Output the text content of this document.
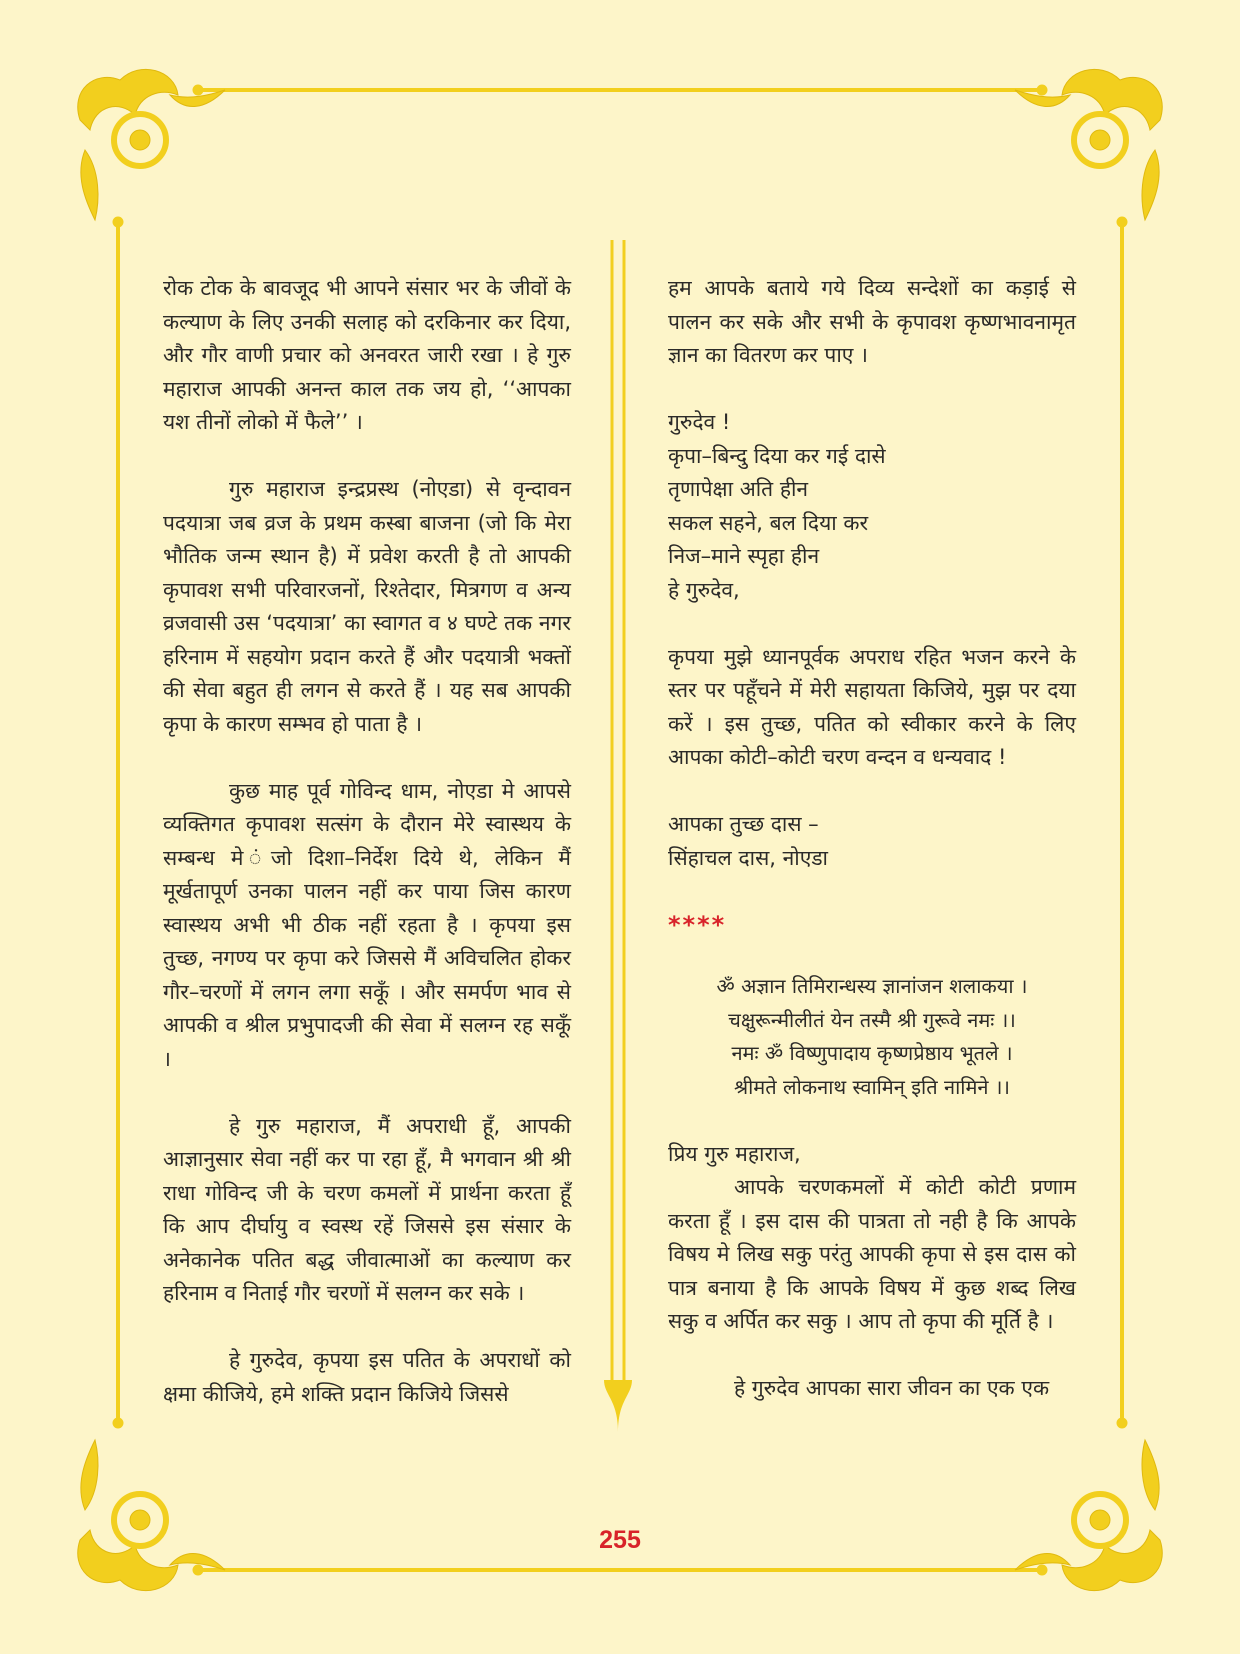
रोक टोक के बावजूद भी आपने संसार भर के जीवों के कल्याण के लिए उनकी सलाह को दरकिनार कर दिया, और गौर वाणी प्रचार को अनवरत जारी रखा । हे गुरु महाराज आपकी अनन्त काल तक जय हो, ‘‘आपका यश तीनों लोको में फैले’’ ।

गुरु महाराज इन्द्रप्रस्थ (नोएडा) से वृन्दावन पदयात्रा जब व्रज के प्रथम कस्बा बाजना (जो कि मेरा भौतिक जन्म स्थान है) में प्रवेश करती है तो आपकी कृपावश सभी परिवारजनों, रिश्तेदार, मित्रगण व अन्य व्रजवासी उस ‘पदयात्रा’ का स्वागत व ४ घण्टे तक नगर हरिनाम में सहयोग प्रदान करते हैं और पदयात्री भक्तों की सेवा बहुत ही लगन से करते हैं । यह सब आपकी कृपा के कारण सम्भव हो पाता है ।

कुछ माह पूर्व गोविन्द धाम, नोएडा मे आपसे व्यक्तिगत कृपावश सत्संग के दौरान मेरे स्वास्थय के सम्बन्ध मे ंजो दिशा–निर्देश दिये थे, लेकिन मैं मूर्खतापूर्ण उनका पालन नहीं कर पाया जिस कारण स्वास्थय अभी भी ठीक नहीं रहता है । कृपया इस तुच्छ, नगण्य पर कृपा करे जिससे मैं अविचलित होकर गौर–चरणों में लगन लगा सकूँ । और समर्पण भाव से आपकी व श्रील प्रभुपादजी की सेवा में सलग्न रह सकूँ ।

हे गुरु महाराज, मैं अपराधी हूँ, आपकी आज्ञानुसार सेवा नहीं कर पा रहा हूँ, मै भगवान श्री श्री राधा गोविन्द जी के चरण कमलों में प्रार्थना करता हूँ कि आप दीर्घायु व स्वस्थ रहें जिससे इस संसार के अनेकानेक पतित बद्ध जीवात्माओं का कल्याण कर हरिनाम व निताई गौर चरणों में सलग्न कर सके ।

हे गुरुदेव, कृपया इस पतित के अपराधों को क्षमा कीजिये, हमे शक्ति प्रदान किजिये जिससे

हम आपके बताये गये दिव्य सन्देशों का कड़ाई से पालन कर सके और सभी के कृपावश कृष्णभावनामृत ज्ञान का वितरण कर पाए ।

गुरुदेव !
कृपा–बिन्दु दिया कर गई दासे
तृणापेक्षा अति हीन
सकल सहने, बल दिया कर
निज–माने स्पृहा हीन
हे गुरुदेव,

कृपया मुझे ध्यानपूर्वक अपराध रहित भजन करने के स्तर पर पहूँचने में मेरी सहायता किजिये, मुझ पर दया करें । इस तुच्छ, पतित को स्वीकार करने के लिए आपका कोटी–कोटी चरण वन्दन व धन्यवाद !

आपका तुच्छ दास –
सिंहाचल दास, नोएडा
****
ॐ अज्ञान तिमिरान्धस्य ज्ञानांजन शलाकया ।
चक्षुरून्मीलीतं येन तस्मै श्री गुरूवे नमः ।।
नमः ॐ विष्णुपादाय कृष्णप्रेष्ठाय भूतले ।
श्रीमते लोकनाथ स्वामिन् इति नामिने ।।
प्रिय गुरु महाराज,

आपके चरणकमलों में कोटी कोटी प्रणाम करता हूँ । इस दास की पात्रता तो नही है कि आपके विषय मे लिख सकु परंतु आपकी कृपा से इस दास को पात्र बनाया है कि आपके विषय में कुछ शब्द लिख सकु व अर्पित कर सकु । आप तो कृपा की मूर्ति है ।

हे गुरुदेव आपका सारा जीवन का एक एक

255
